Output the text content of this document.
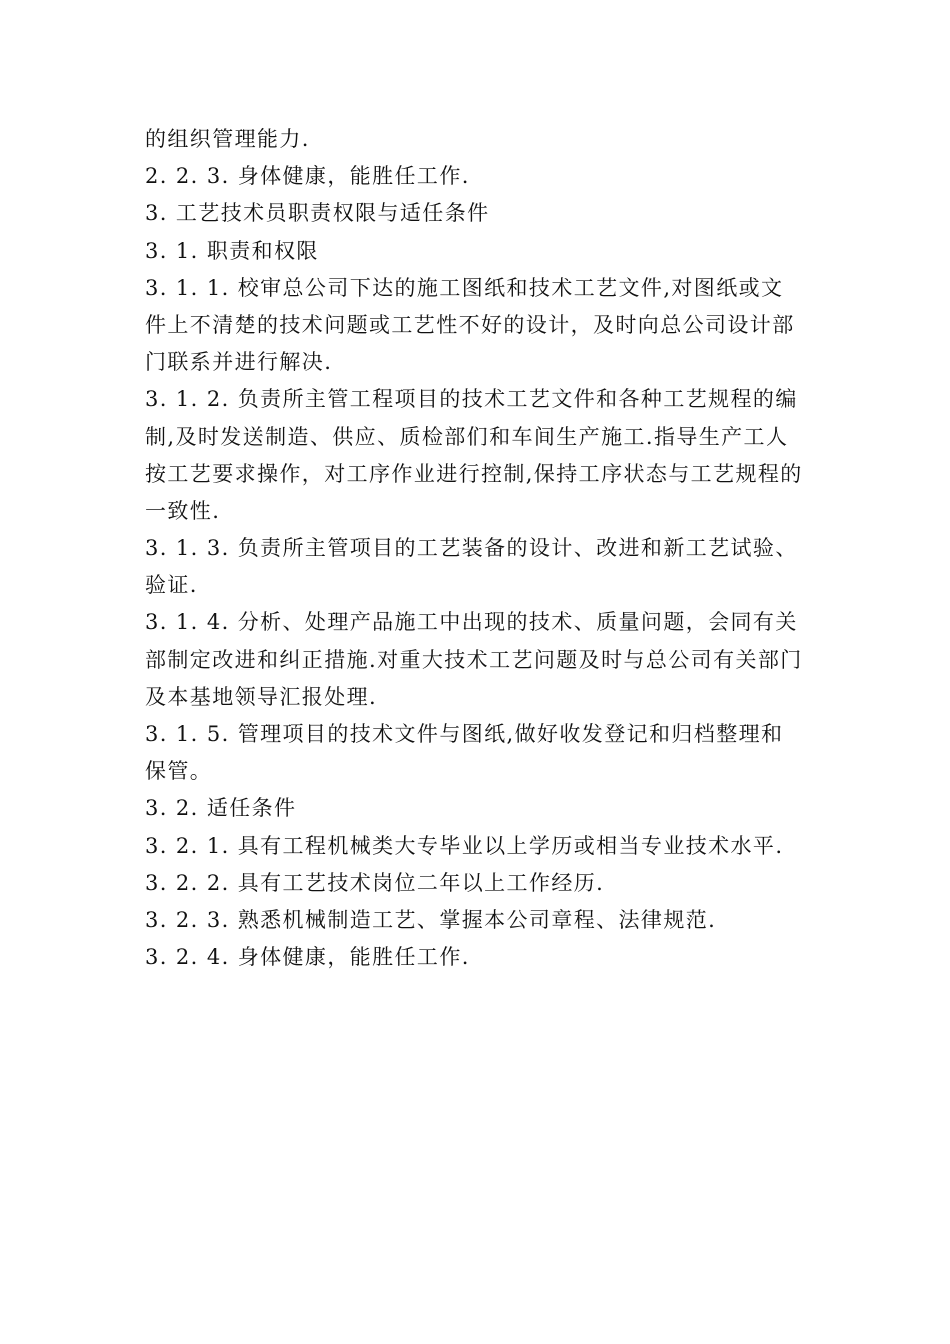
的组织管理能力.
2. 2. 3. 身体健康，能胜任工作.
3. 工艺技术员职责权限与适任条件
3. 1. 职责和权限
3. 1. 1. 校审总公司下达的施工图纸和技术工艺文件,对图纸或文
件上不清楚的技术问题或工艺性不好的设计，及时向总公司设计部
门联系并进行解决.
3. 1. 2. 负责所主管工程项目的技术工艺文件和各种工艺规程的编
制,及时发送制造、供应、质检部们和车间生产施工.指导生产工人
按工艺要求操作，对工序作业进行控制,保持工序状态与工艺规程的
一致性.
3. 1. 3. 负责所主管项目的工艺装备的设计、改进和新工艺试验、
验证.
3. 1. 4. 分析、处理产品施工中出现的技术、质量问题，会同有关
部制定改进和纠正措施.对重大技术工艺问题及时与总公司有关部门
及本基地领导汇报处理.
3. 1. 5. 管理项目的技术文件与图纸,做好收发登记和归档整理和
保管。
3. 2. 适任条件
3. 2. 1. 具有工程机械类大专毕业以上学历或相当专业技术水平.
3. 2. 2. 具有工艺技术岗位二年以上工作经历.
3. 2. 3. 熟悉机械制造工艺、掌握本公司章程、法律规范.
3. 2. 4. 身体健康，能胜任工作.
